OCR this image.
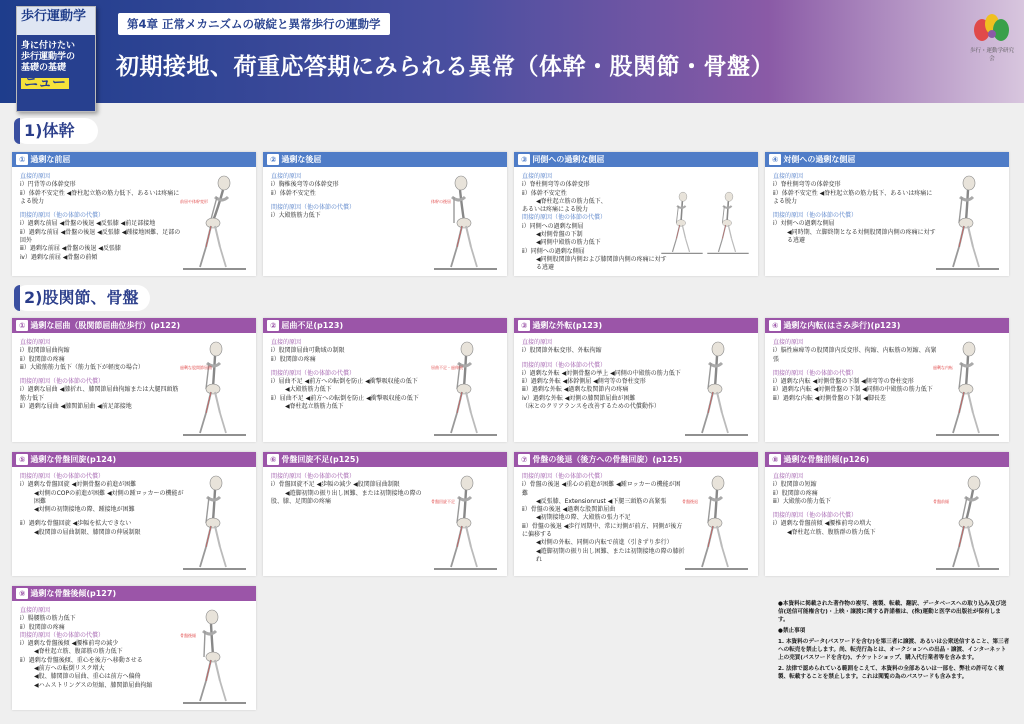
歩行運動学
身に付けたい
歩行運動学の
基礎の基礎
ニュー
第4章 正常メカニズムの破綻と異常歩行の運動学
初期接地、荷重応答期にみられる異常（体幹・股関節・骨盤）
歩行・運動学研究会
1)体幹
2)股関節、骨盤
① 過剰な前屈
直接的原因
ⅰ）円背等の体幹変形
ⅱ）体幹不安定性 ◀脊柱起立筋の筋力低下、あるいは疼痛による脱力
間接的原因（他の体節の代償）
ⅰ）過剰な前屈 ◀骨盤の後退 ◀反張膝 ◀前足部接地
ⅱ）過剰な前屈 ◀骨盤の後退 ◀反張膝 ◀踵接地困難、足部の回外
ⅲ）過剰な前屈 ◀骨盤の後退 ◀反張膝
ⅳ）過剰な前屈 ◀骨盤の前傾
前屈や体幹変形
② 過剰な後屈
直接的原因
ⅰ）胸椎後弯等の体幹変形
ⅱ）体幹不安定性
間接的原因（他の体節の代償）
ⅰ）大殿筋筋力低下
体幹の後屈
③ 同側への過剰な側屈
直接的原因
ⅰ）脊柱側弯等の体幹変形
ⅱ）体幹不安定性
◀脊柱起立筋の筋力低下、
あるいは疼痛による脱力
間接的原因（他の体節の代償）
ⅰ）同側への過剰な側屈
◀対側骨盤の下制
◀同側中殿筋の筋力低下
ⅱ）同側への過剰な側屈
◀同側股関節内側および膝関節内側の疼痛に対する逃避
④ 対側への過剰な側屈
直接的原因
ⅰ）脊柱側弯等の体幹変形
ⅱ）体幹不安定性 ◀脊柱起立筋の筋力低下、あるいは疼痛による脱力
間接的原因（他の体節の代償）
ⅰ）対側への過剰な側屈
◀同時期、立脚終期となる対側股関節内側の疼痛に対する逃避
① 過剰な屈曲（股関節屈曲位歩行）(p122)
直接的原因
ⅰ）股関節屈曲拘縮
ⅱ）股関節の疼痛
ⅲ）大殿筋筋力低下（筋力低下が軽度の場合）
間接的原因（他の体節の代償）
ⅰ）過剰な屈曲 ◀膝折れ、膝関節屈曲拘縮または大腿四頭筋筋力低下
ⅱ）過剰な屈曲 ◀膝関節屈曲 ◀前足部接地
過剰な股関節屈曲
② 屈曲不足(p123)
直接的原因
ⅰ）股関節屈曲可動域の制限
ⅱ）股関節の疼痛
間接的原因（他の体節の代償）
ⅰ）屈曲不足 ◀前方への転倒を防止 ◀衝撃吸収能の低下
◀大殿筋筋力低下
ⅱ）屈曲不足 ◀前方への転倒を防止 ◀衝撃吸収能の低下
◀脊柱起立筋筋力低下
屈曲不足・過伸展
③ 過剰な外転(p123)
直接的原因
ⅰ）股関節外転変形、外転拘縮
間接的原因（他の体節の代償）
ⅰ）過剰な外転 ◀対側骨盤の挙上 ◀同側の中殿筋の筋力低下
ⅱ）過剰な外転 ◀体幹側屈 ◀側弯等の脊柱変形
ⅲ）過剰な外転 ◀過剰な股関節内の疼痛
ⅳ）過剰な外転 ◀対側の膝関節屈曲が困難
（床とのクリアランスを改善するための代償動作）
④ 過剰な内転(はさみ歩行)(p123)
直接的原因
ⅰ）脳性麻痺等の股関節内反変形、拘縮、内転筋の短縮、高緊張
間接的原因（他の体節の代償）
ⅰ）過剰な内転 ◀対側骨盤の下制 ◀側弯等の脊柱変形
ⅱ）過剰な内転 ◀対側骨盤の下制 ◀同側の中殿筋の筋力低下
ⅲ）過剰な内転 ◀対側骨盤の下制 ◀脚長差
過剰な内転
⑤ 過剰な骨盤回旋(p124)
間接的原因（他の体節の代償）
ⅰ）過剰な骨盤回旋 ◀対側骨盤の前進が困難
◀対側のCOPの前進が困難 ◀対側の踵ロッカーの機能が困難
◀対側の初期接地の際、踵接地が困難
ⅱ）過剰な骨盤回旋 ◀歩幅を拡大できない
◀股関節の屈曲制限、膝関節の伸展制限
⑥ 骨盤回旋不足(p125)
間接的原因（他の体節の代償）
ⅰ）骨盤回旋不足 ◀歩幅の減少 ◀股関節屈曲制限
◀遊脚初期の振り出し困難、または初期接地の際の
股、膝、足関節の疼痛	骨盤回旋不足
⑦ 骨盤の後退（後方への骨盤回旋）(p125)
間接的原因（他の体節の代償）
ⅰ）骨盤の後退 ◀重心の前進が困難 ◀踵ロッカーの機能が困難
◀反張膝、Extensionrust ◀下腿三頭筋の高緊張
ⅱ）骨盤の後退 ◀過剰な股関節屈曲
◀初期接地の際、大殿筋の張力不足
ⅲ）骨盤の後退 ◀歩行周期中、常に対側が前方、同側が後方に偏移する
◀対側の外転、同側の内転で前進（引きずり歩行）
◀遊脚初期の振り出し困難、または初期接地の際の膝折れ
骨盤後退
⑧ 過剰な骨盤前傾(p126)
直接的原因
ⅰ）股関節の短縮
ⅱ）股関節の疼痛
ⅲ）大殿筋の筋力低下
間接的原因（他の体節の代償）
ⅰ）過剰な骨盤前傾 ◀腰椎前弯の増大
◀脊柱起立筋、腹筋群の筋力低下
骨盤前傾
⑨ 過剰な骨盤後傾(p127)
直接的原因
ⅰ）腸腰筋の筋力低下
ⅱ）股関節の疼痛
間接的原因（他の体節の代償）
ⅰ）過剰な骨盤後傾 ◀腰椎前弯の減少
◀脊柱起立筋、腹部筋の筋力低下
ⅱ）過剰な骨盤後傾、重心を後方へ移動させる
◀前方への転倒リスク増大
◀股、膝関節の屈曲、重心は前方へ偏倚
◀ハムストリングスの短縮、膝関節屈曲拘縮
骨盤後傾

●本資料に掲載された著作物の複写、複製、転載、翻訳、データベースへの取り込み及び送信(送信可能権含む)・上映・譲渡に関する許諾権は、(株)運動と医学の出版社が保有します。

●禁止事項

1. 本資料のデータ(パスワードを含む)を第三者に譲渡、あるいは公衆送信すること、第三者への転売を禁止します。尚、転売行為とは、オークションへの出品・譲渡、インターネット上の売買(パスワードを含む)、チケットショップ、購入代行業者等を含みます。

2. 法律で認められている範囲をこえて、本資料の全部あるいは一部を、弊社の許可なく複製、転載することを禁止します。これは閲覧の為のパスワードも含みます。
